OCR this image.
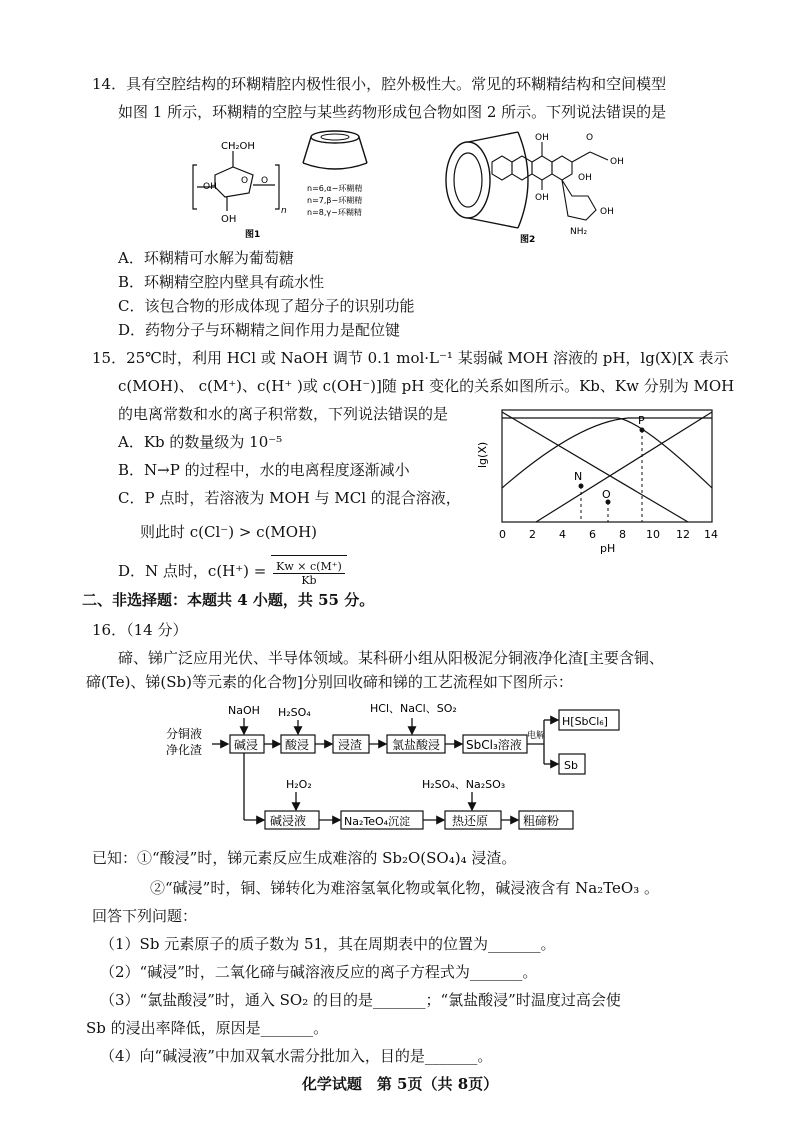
14．具有空腔结构的环糊精腔内极性很小，腔外极性大。常见的环糊精结构和空间模型
如图 1 所示，环糊精的空腔与某些药物形成包合物如图 2 所示。下列说法错误的是
CH₂OH
O O
OH
OH
n
n=6,α−环糊精
n=7,β−环糊精
n=8,γ−环糊精
图1
OH	O
OH
OH
OH
OH
NH₂
图2
A．环糊精可水解为葡萄糖
B．环糊精空腔内壁具有疏水性
C．该包合物的形成体现了超分子的识别功能
D．药物分子与环糊精之间作用力是配位键
15．25℃时，利用 HCl 或 NaOH 调节 0.1 mol·L⁻¹ 某弱碱 MOH 溶液的 pH，lg(X)[X 表示
c(MOH)、 c(M⁺)、c(H⁺ )或 c(OH⁻)]随 pH 变化的关系如图所示。Kb、Kw 分别为 MOH
的电离常数和水的离子积常数，下列说法错误的是
A．Kb 的数量级为 10⁻⁵
B．N→P 的过程中，水的电离程度逐渐减小
C．P 点时，若溶液为 MOH 与 MCl 的混合溶液，
则此时 c(Cl⁻) > c(MOH)
D．N 点时，$c(H^+) = \frac{Kw \times c(M^+)}{Kb}$
lg(X)
N
O
P
0 2 4 6 8 10 12 14
pH
二、非选择题：本题共 4 小题，共 55 分。
16．（14 分）
碲、锑广泛应用光伏、半导体领域。某科研小组从阳极泥分铜液净化渣[主要含铜、
碲(Te)、锑(Sb)等元素的化合物]分别回收碲和锑的工艺流程如下图所示：
分铜液
净化渣
NaOH
碱浸
H₂SO₄
酸浸 浸渣
HCl、NaCl、SO₂
氯盐酸浸 SbCl₃溶液
电解
H[SbCl₆]
Sb
H₂O₂
碱浸液	Na₂TeO₄沉淀
H₂SO₄、Na₂SO₃
热还原	粗碲粉
已知：①“酸浸”时，锑元素反应生成难溶的 Sb₂O(SO₄)₄ 浸渣。
②“碱浸”时，铜、锑转化为难溶氢氧化物或氧化物，碱浸液含有 Na₂TeO₃ 。
回答下列问题：
（1）Sb 元素原子的质子数为 51，其在周期表中的位置为_______。
（2）“碱浸”时，二氧化碲与碱溶液反应的离子方程式为_______。
（3）“氯盐酸浸”时，通入 SO₂ 的目的是_______；“氯盐酸浸”时温度过高会使
Sb 的浸出率降低，原因是_______。
（4）向“碱浸液”中加双氧水需分批加入，目的是_______。
化学试题　第 5页（共 8页）
